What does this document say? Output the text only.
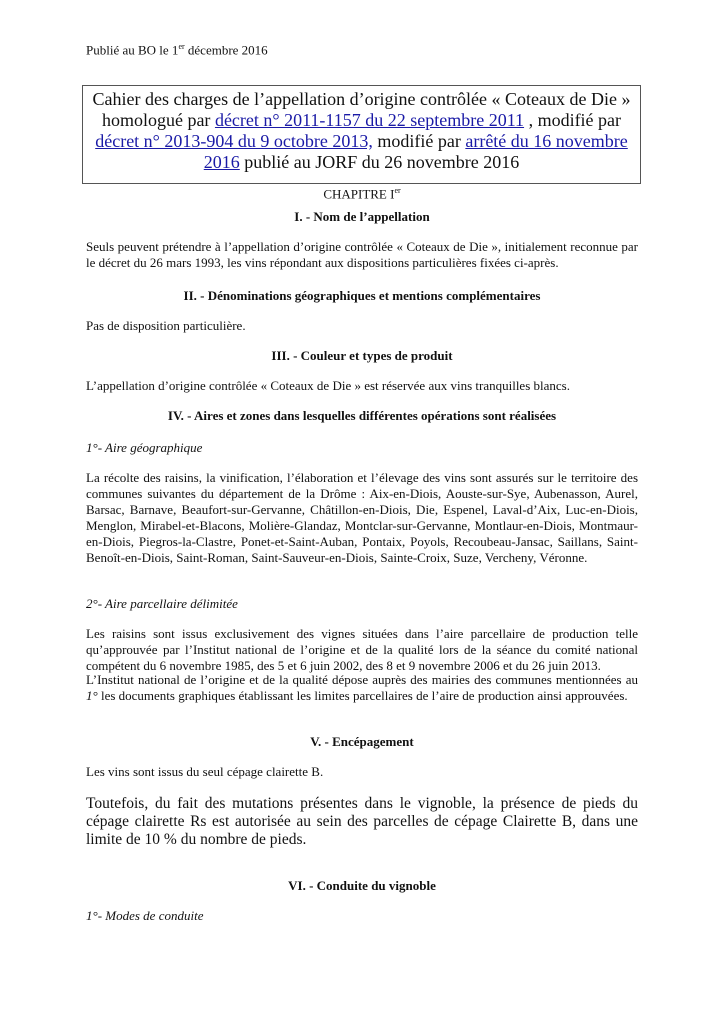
Publié au BO le 1er décembre 2016
Cahier des charges de l’appellation d’origine contrôlée « Coteaux de Die » homologué par décret n° 2011-1157 du 22 septembre 2011 , modifié par décret n° 2013-904 du 9 octobre 2013, modifié par arrêté du 16 novembre 2016 publié au JORF du 26 novembre 2016
CHAPITRE Ier
I. - Nom de l’appellation
Seuls peuvent prétendre à l’appellation d’origine contrôlée « Coteaux de Die », initialement reconnue par le décret du 26 mars 1993, les vins répondant aux dispositions particulières fixées ci-après.
II. - Dénominations géographiques et mentions complémentaires
Pas de disposition particulière.
III. - Couleur et types de produit
L’appellation d’origine contrôlée « Coteaux de Die » est réservée aux vins tranquilles blancs.
IV. - Aires et zones dans lesquelles différentes opérations sont réalisées
1°- Aire géographique
La récolte des raisins, la vinification, l’élaboration et l’élevage des vins sont assurés sur le territoire des communes suivantes du département de la Drôme : Aix-en-Diois, Aouste-sur-Sye, Aubenasson, Aurel, Barsac, Barnave, Beaufort-sur-Gervanne, Châtillon-en-Diois, Die, Espenel, Laval-d’Aix, Luc-en-Diois, Menglon, Mirabel-et-Blacons, Molière-Glandaz, Montclar-sur-Gervanne, Montlaur-en-Diois, Montmaur-en-Diois, Piegros-la-Clastre, Ponet-et-Saint-Auban, Pontaix, Poyols, Recoubeau-Jansac, Saillans, Saint-Benoît-en-Diois, Saint-Roman, Saint-Sauveur-en-Diois, Sainte-Croix, Suze, Vercheny, Véronne.
2°- Aire parcellaire délimitée
Les raisins sont issus exclusivement des vignes situées dans l’aire parcellaire de production telle qu’approuvée par l’Institut national de l’origine et de la qualité lors de la séance du comité national compétent du 6 novembre 1985, des 5 et 6 juin 2002, des 8 et 9 novembre 2006 et du 26 juin 2013.
L’Institut national de l’origine et de la qualité dépose auprès des mairies des communes mentionnées au 1° les documents graphiques établissant les limites parcellaires de l’aire de production ainsi approuvées.
V. - Encépagement
Les vins sont issus du seul cépage clairette B.
Toutefois, du fait des mutations présentes dans le vignoble, la présence de pieds du cépage clairette Rs est autorisée au sein des parcelles de cépage Clairette B, dans une limite de 10 % du nombre de pieds.
VI. - Conduite du vignoble
1°- Modes de conduite
